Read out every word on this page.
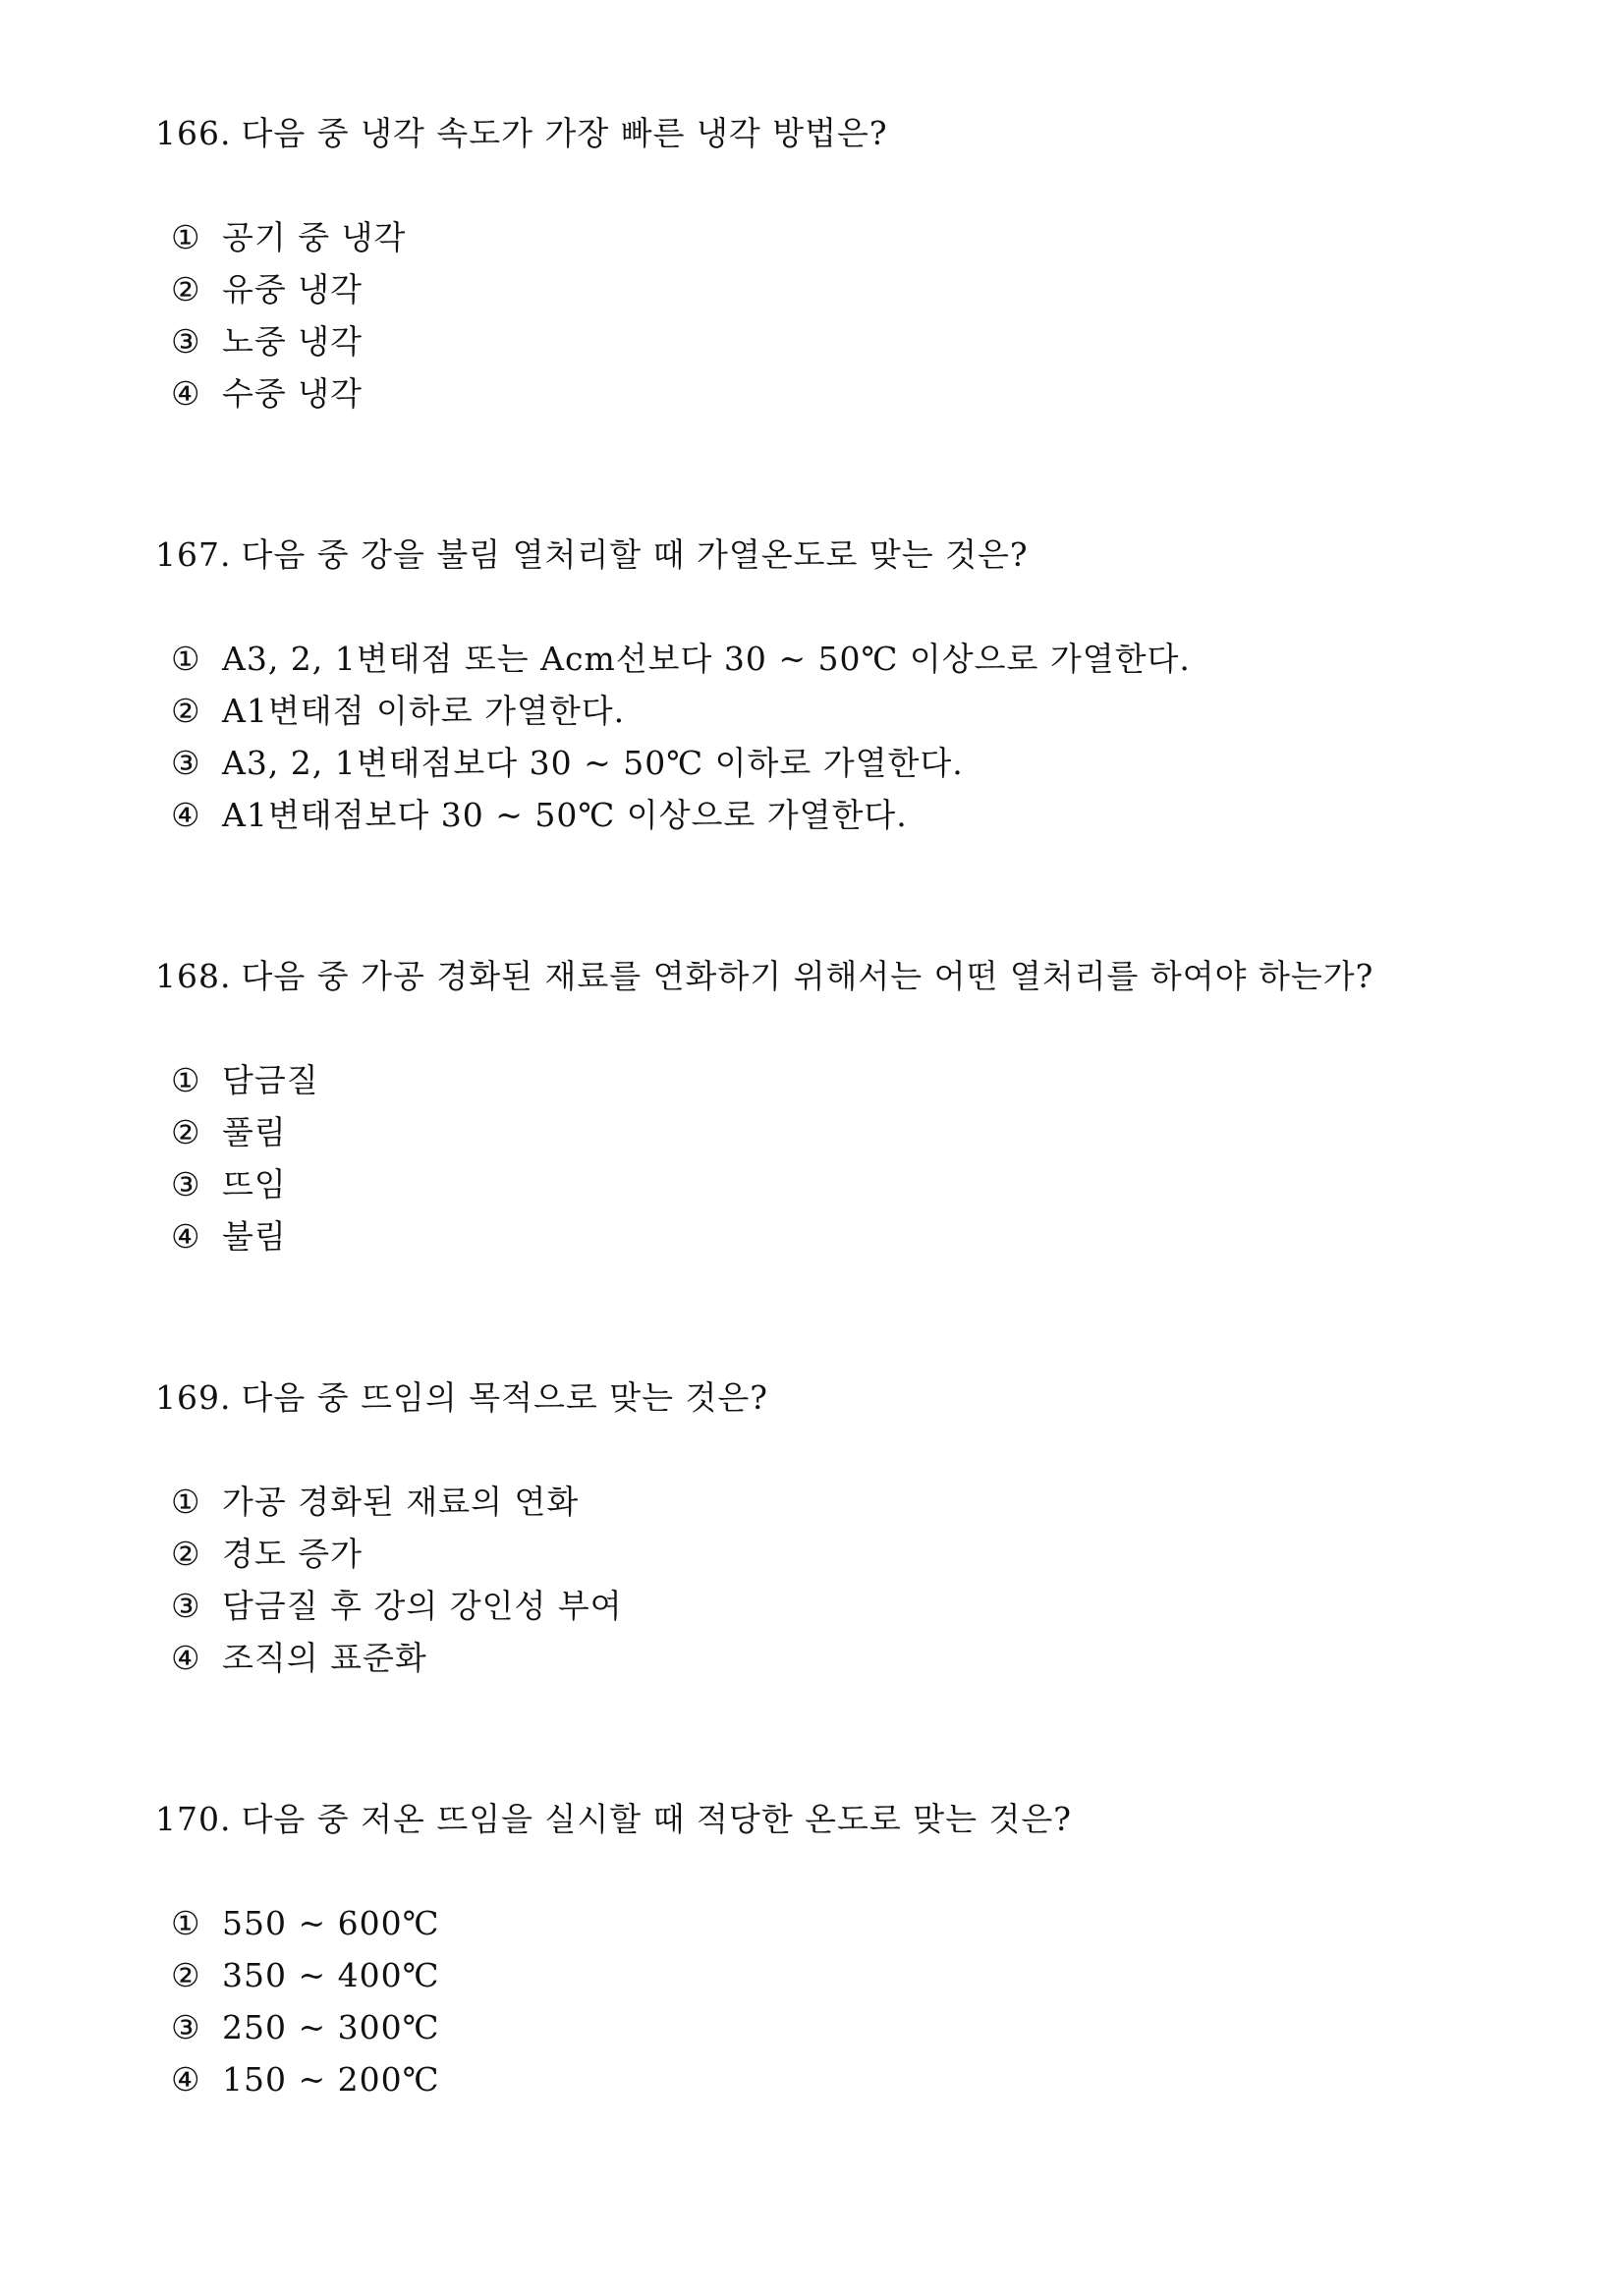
166. 다음 중 냉각 속도가 가장 빠른 냉각 방법은?
① 공기 중 냉각
② 유중 냉각
③ 노중 냉각
④ 수중 냉각
167. 다음 중 강을 불림 열처리할 때 가열온도로 맞는 것은?
① A3, 2, 1변태점 또는 Acm선보다 30 ~ 50℃ 이상으로 가열한다.
② A1변태점 이하로 가열한다.
③ A3, 2, 1변태점보다 30 ~ 50℃ 이하로 가열한다.
④ A1변태점보다 30 ~ 50℃ 이상으로 가열한다.
168. 다음 중 가공 경화된 재료를 연화하기 위해서는 어떤 열처리를 하여야 하는가?
① 담금질
② 풀림
③ 뜨임
④ 불림
169. 다음 중 뜨임의 목적으로 맞는 것은?
① 가공 경화된 재료의 연화
② 경도 증가
③ 담금질 후 강의 강인성 부여
④ 조직의 표준화
170. 다음 중 저온 뜨임을 실시할 때 적당한 온도로 맞는 것은?
① 550 ~ 600℃
② 350 ~ 400℃
③ 250 ~ 300℃
④ 150 ~ 200℃
